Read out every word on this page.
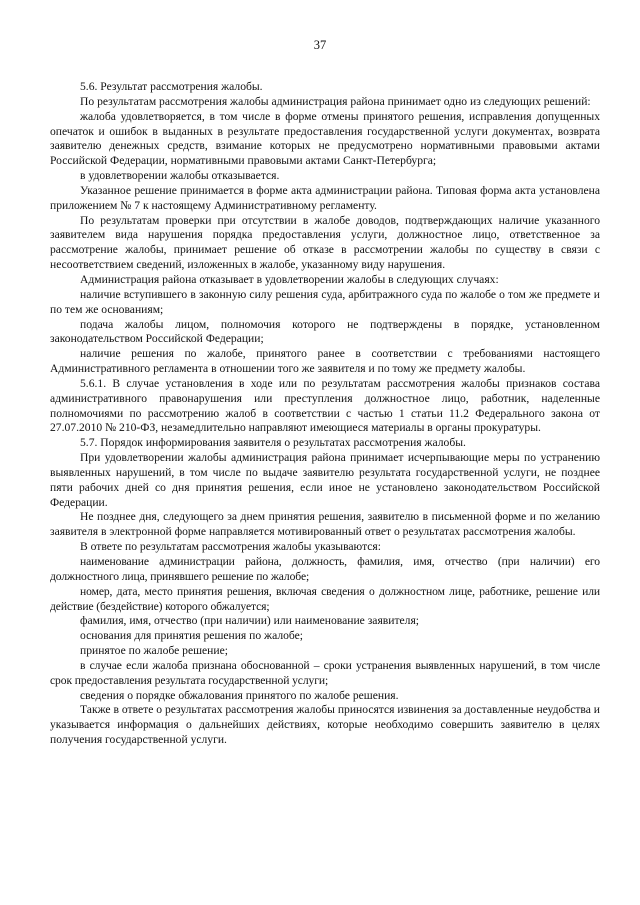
37

5.6. Результат рассмотрения жалобы.

По результатам рассмотрения жалобы администрация района принимает одно из следующих решений:

жалоба удовлетворяется, в том числе в форме отмены принятого решения, исправления допущенных опечаток и ошибок в выданных в результате предоставления государственной услуги документах, возврата заявителю денежных средств, взимание которых не предусмотрено нормативными правовыми актами Российской Федерации, нормативными правовыми актами Санкт-Петербурга;

в удовлетворении жалобы отказывается.

Указанное решение принимается в форме акта администрации района. Типовая форма акта установлена приложением № 7 к настоящему Административному регламенту.

По результатам проверки при отсутствии в жалобе доводов, подтверждающих наличие указанного заявителем вида нарушения порядка предоставления услуги, должностное лицо, ответственное за рассмотрение жалобы, принимает решение об отказе в рассмотрении жалобы по существу в связи с несоответствием сведений, изложенных в жалобе, указанному виду нарушения.

Администрация района отказывает в удовлетворении жалобы в следующих случаях:

наличие вступившего в законную силу решения суда, арбитражного суда по жалобе о том же предмете и по тем же основаниям;

подача жалобы лицом, полномочия которого не подтверждены в порядке, установленном законодательством Российской Федерации;

наличие решения по жалобе, принятого ранее в соответствии с требованиями настоящего Административного регламента в отношении того же заявителя и по тому же предмету жалобы.

5.6.1. В случае установления в ходе или по результатам рассмотрения жалобы признаков состава административного правонарушения или преступления должностное лицо, работник, наделенные полномочиями по рассмотрению жалоб в соответствии с частью 1 статьи 11.2 Федерального закона от 27.07.2010 № 210-ФЗ, незамедлительно направляют имеющиеся материалы в органы прокуратуры.

5.7. Порядок информирования заявителя о результатах рассмотрения жалобы.

При удовлетворении жалобы администрация района принимает исчерпывающие меры по устранению выявленных нарушений, в том числе по выдаче заявителю результата государственной услуги, не позднее пяти рабочих дней со дня принятия решения, если иное не установлено законодательством Российской Федерации.

Не позднее дня, следующего за днем принятия решения, заявителю в письменной форме и по желанию заявителя в электронной форме направляется мотивированный ответ о результатах рассмотрения жалобы.

В ответе по результатам рассмотрения жалобы указываются:

наименование администрации района, должность, фамилия, имя, отчество (при наличии) его должностного лица, принявшего решение по жалобе;

номер, дата, место принятия решения, включая сведения о должностном лице, работнике, решение или действие (бездействие) которого обжалуется;

фамилия, имя, отчество (при наличии) или наименование заявителя;

основания для принятия решения по жалобе;

принятое по жалобе решение;

в случае если жалоба признана обоснованной – сроки устранения выявленных нарушений, в том числе срок предоставления результата государственной услуги;

сведения о порядке обжалования принятого по жалобе решения.

Также в ответе о результатах рассмотрения жалобы приносятся извинения за доставленные неудобства и указывается информация о дальнейших действиях, которые необходимо совершить заявителю в целях получения государственной услуги.
